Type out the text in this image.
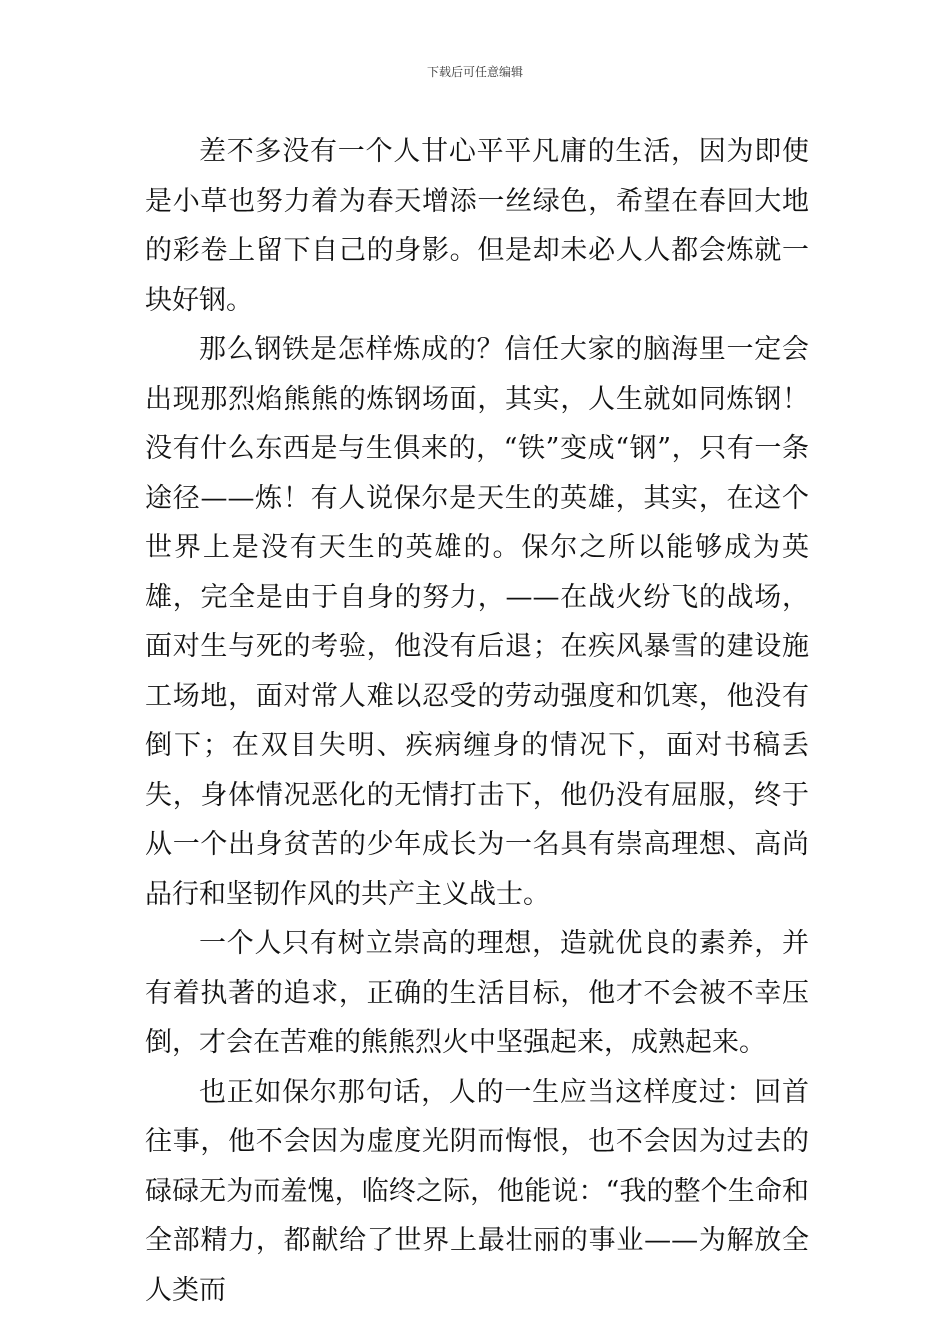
下载后可任意编辑

差不多没有一个人甘心平平凡庸的生活，因为即使是小草也努力着为春天增添一丝绿色，希望在春回大地的彩卷上留下自己的身影。但是却未必人人都会炼就一块好钢。

那么钢铁是怎样炼成的？信任大家的脑海里一定会出现那烈焰熊熊的炼钢场面，其实，人生就如同炼钢！没有什么东西是与生俱来的，“铁”变成“钢”，只有一条途径——炼！有人说保尔是天生的英雄，其实，在这个世界上是没有天生的英雄的。保尔之所以能够成为英雄，完全是由于自身的努力，——在战火纷飞的战场，面对生与死的考验，他没有后退；在疾风暴雪的建设施工场地，面对常人难以忍受的劳动强度和饥寒，他没有倒下；在双目失明、疾病缠身的情况下，面对书稿丢失，身体情况恶化的无情打击下，他仍没有屈服，终于从一个出身贫苦的少年成长为一名具有崇高理想、高尚品行和坚韧作风的共产主义战士。

一个人只有树立崇高的理想，造就优良的素养，并有着执著的追求，正确的生活目标，他才不会被不幸压倒，才会在苦难的熊熊烈火中坚强起来，成熟起来。

也正如保尔那句话，人的一生应当这样度过：回首往事，他不会因为虚度光阴而悔恨，也不会因为过去的碌碌无为而羞愧，临终之际，他能说：“我的整个生命和全部精力，都献给了世界上最壮丽的事业——为解放全人类而
